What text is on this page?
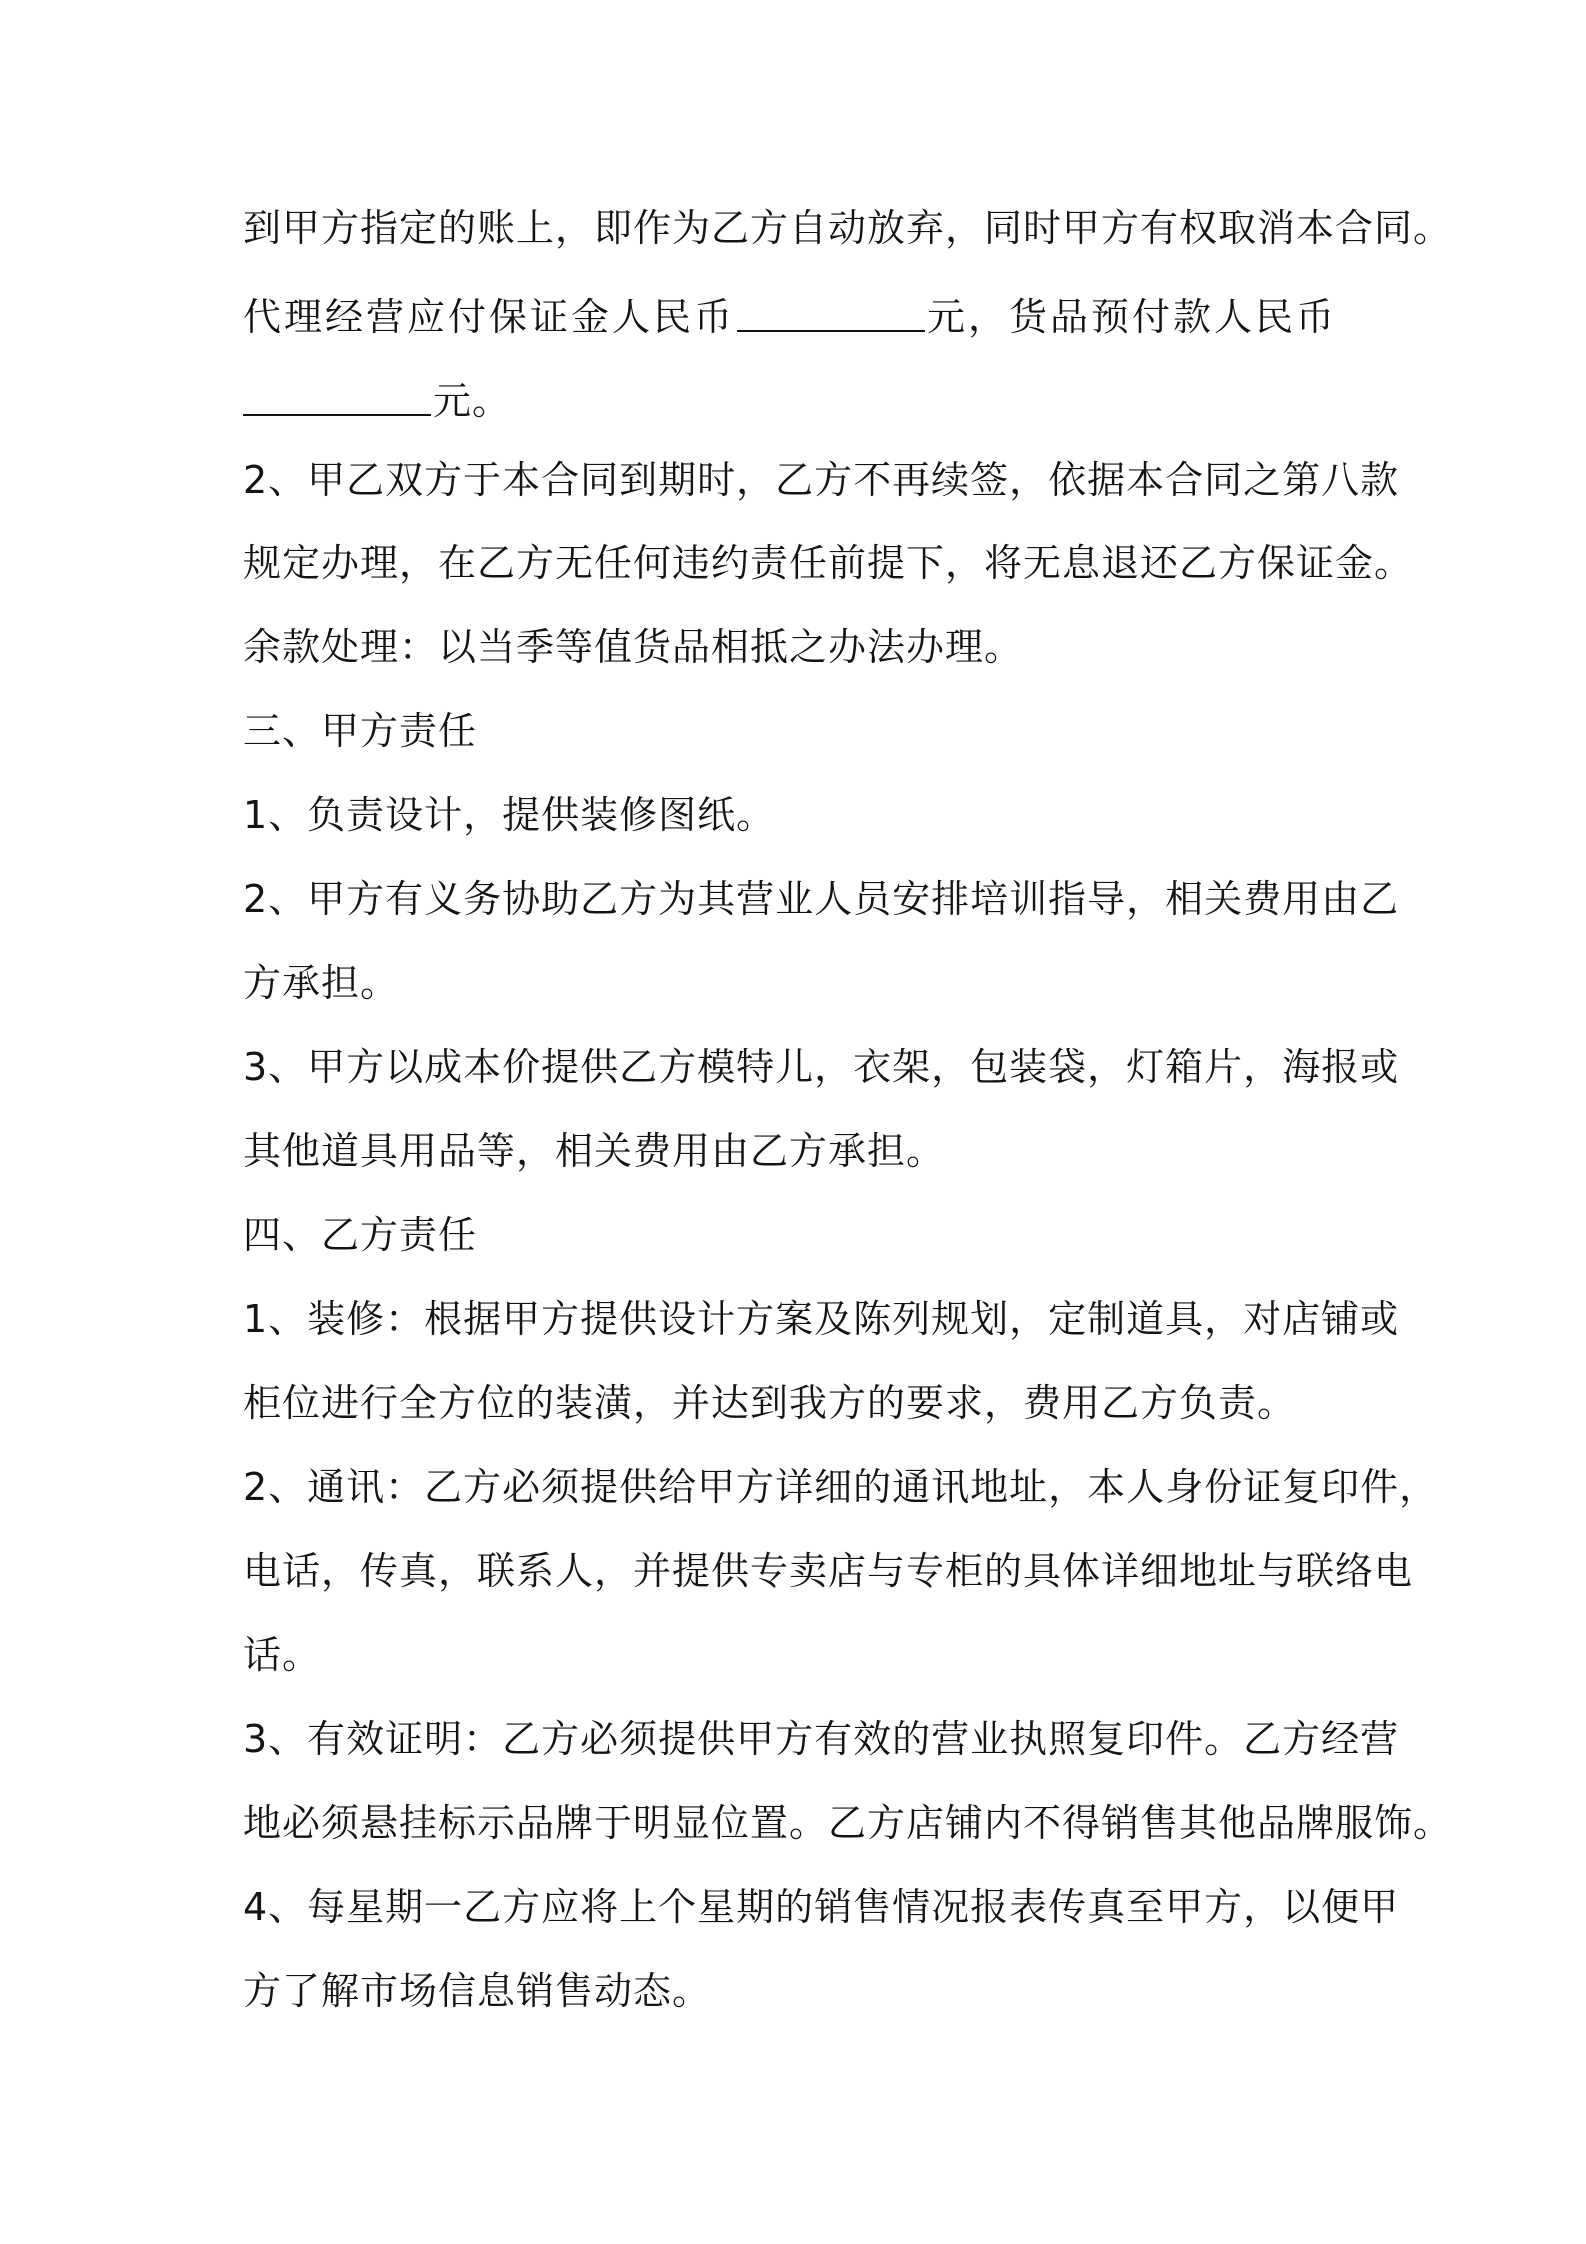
到甲方指定的账上，即作为乙方自动放弃，同时甲方有权取消本合同。
代理经营应付保证金人民币	元，货品预付款人民币
元。
2、甲乙双方于本合同到期时，乙方不再续签，依据本合同之第八款
规定办理，在乙方无任何违约责任前提下，将无息退还乙方保证金。
余款处理：以当季等值货品相抵之办法办理。
三、甲方责任
1、负责设计，提供装修图纸。
2、甲方有义务协助乙方为其营业人员安排培训指导，相关费用由乙
方承担。
3、甲方以成本价提供乙方模特儿，衣架，包装袋，灯箱片，海报或
其他道具用品等，相关费用由乙方承担。
四、乙方责任
1、装修：根据甲方提供设计方案及陈列规划，定制道具，对店铺或
柜位进行全方位的装潢，并达到我方的要求，费用乙方负责。
2、通讯：乙方必须提供给甲方详细的通讯地址，本人身份证复印件，
电话，传真，联系人，并提供专卖店与专柜的具体详细地址与联络电
话。
3、有效证明：乙方必须提供甲方有效的营业执照复印件。乙方经营
地必须悬挂标示品牌于明显位置。乙方店铺内不得销售其他品牌服饰。
4、每星期一乙方应将上个星期的销售情况报表传真至甲方，以便甲
方了解市场信息销售动态。
